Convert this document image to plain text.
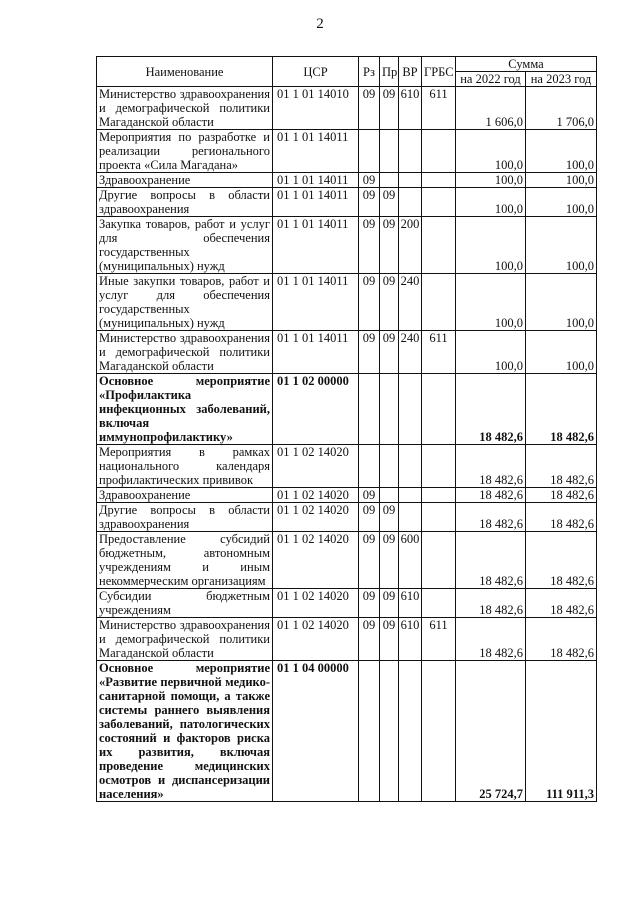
2
Наименование	ЦСР	Рз	Пр	ВР	ГРБС	Сумма	
						на 2022 год	на 2023 год
Министерство здравоохранения и демографической политики Магаданской области	01 1 01 14010	09	09	610	611	1 606,0	1 706,0
Мероприятия по разработке и реализации регионального проекта «Сила Магадана»	01 1 01 14011					100,0	100,0
Здравоохранение	01 1 01 14011	09				100,0	100,0
Другие вопросы в области здравоохранения	01 1 01 14011	09	09			100,0	100,0
Закупка товаров, работ и услуг для обеспечения государственных (муниципальных) нужд	01 1 01 14011	09	09	200		100,0	100,0
Иные закупки товаров, работ и услуг для обеспечения государственных (муниципальных) нужд	01 1 01 14011	09	09	240		100,0	100,0
Министерство здравоохранения и демографической политики Магаданской области	01 1 01 14011	09	09	240	611	100,0	100,0
Основное мероприятие «Профилактика инфекционных заболеваний, включая иммунопрофилактику»	01 1 02 00000					18 482,6	18 482,6
Мероприятия в рамках национального календаря профилактических прививок	01 1 02 14020					18 482,6	18 482,6
Здравоохранение	01 1 02 14020	09				18 482,6	18 482,6
Другие вопросы в области здравоохранения	01 1 02 14020	09	09			18 482,6	18 482,6
Предоставление субсидий бюджетным, автономным учреждениям и иным некоммерческим организациям	01 1 02 14020	09	09	600		18 482,6	18 482,6
Субсидии бюджетным учреждениям	01 1 02 14020	09	09	610		18 482,6	18 482,6
Министерство здравоохранения и демографической политики Магаданской области	01 1 02 14020	09	09	610	611	18 482,6	18 482,6
Основное мероприятие «Развитие первичной медико-санитарной помощи, а также системы раннего выявления заболеваний, патологических состояний и факторов риска их развития, включая проведение медицинских осмотров и диспансеризации населения»	01 1 04 00000					25 724,7	111 911,3
